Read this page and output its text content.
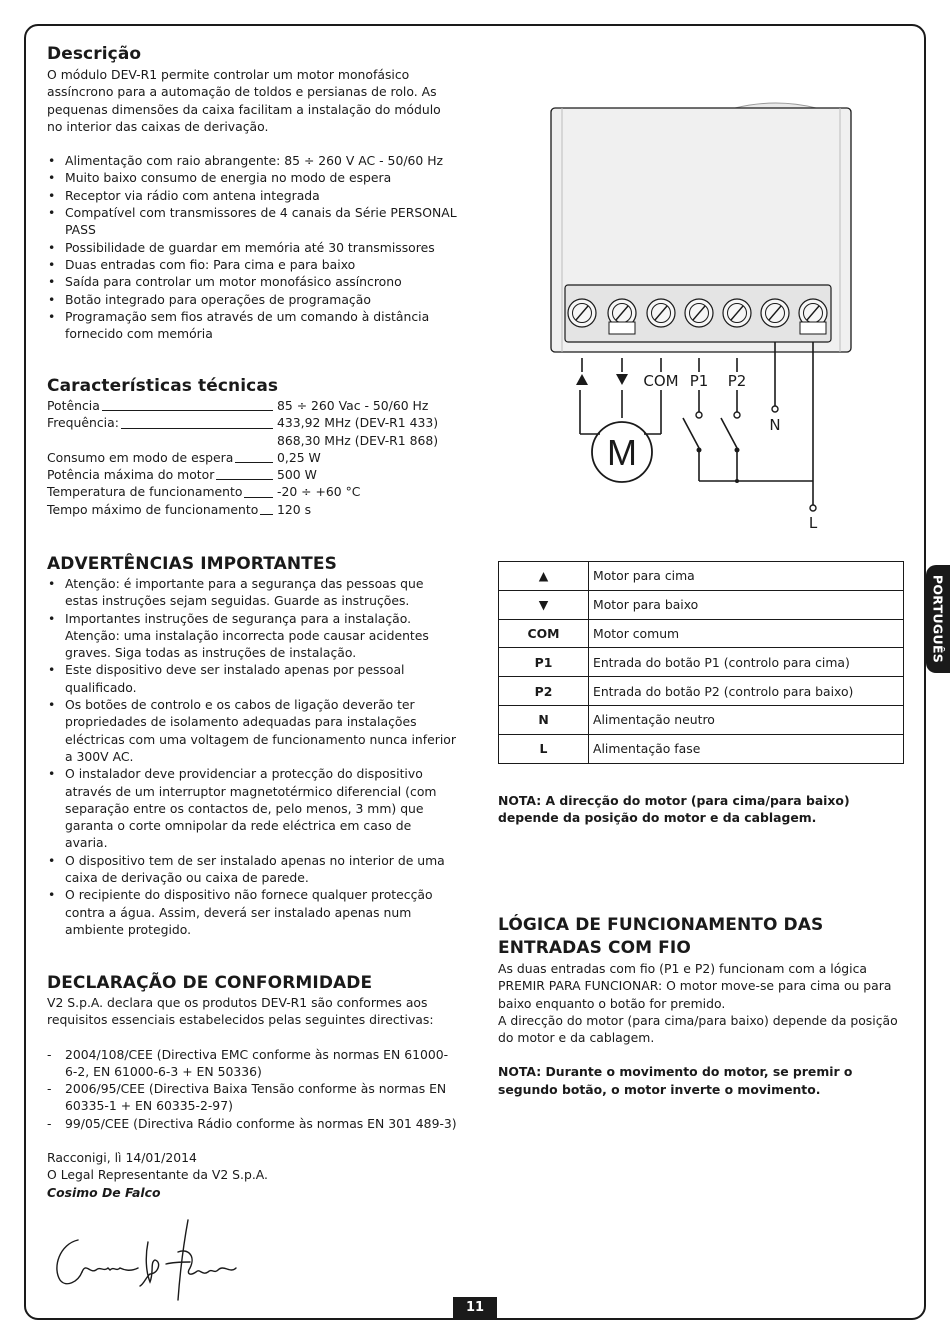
Descrição

O módulo DEV-R1 permite controlar um motor monofásico assíncrono para a automação de toldos e persianas de rolo. As pequenas dimensões da caixa facilitam a instalação do módulo no interior das caixas de derivação.

• Alimentação com raio abrangente: 85 ÷ 260 V AC - 50/60 Hz
• Muito baixo consumo de energia no modo de espera
• Receptor via rádio com antena integrada
• Compatível com transmissores de 4 canais da Série PERSONAL PASS
• Possibilidade de guardar em memória até 30 transmissores
• Duas entradas com fio: Para cima e para baixo
• Saída para controlar um motor monofásico assíncrono
• Botão integrado para operações de programação
• Programação sem fios através de um comando à distância fornecido com memória
Características técnicas
Potência	85 ÷ 260 Vac - 50/60 Hz
Frequência:	433,92 MHz (DEV-R1 433)
868,30 MHz (DEV-R1 868)
Consumo em modo de espera	0,25 W
Potência máxima do motor	500 W
Temperatura de funcionamento	-20 ÷ +60 °C
Tempo máximo de funcionamento 120 s
ADVERTÊNCIAS IMPORTANTES
• Atenção: é importante para a segurança das pessoas que estas instruções sejam seguidas. Guarde as instruções.
• Importantes instruções de segurança para a instalação. Atenção: uma instalação incorrecta pode causar acidentes graves. Siga todas as instruções de instalação.
• Este dispositivo deve ser instalado apenas por pessoal qualificado.
• Os botões de controlo e os cabos de ligação deverão ter propriedades de isolamento adequadas para instalações eléctricas com uma voltagem de funcionamento nunca inferior a 300V AC.
• O instalador deve providenciar a protecção do dispositivo através de um interruptor magnetotérmico diferencial (com separação entre os contactos de, pelo menos, 3 mm) que garanta o corte omnipolar da rede eléctrica em caso de avaria.
• O dispositivo tem de ser instalado apenas no interior de uma caixa de derivação ou caixa de parede.
• O recipiente do dispositivo não fornece qualquer protecção contra a água. Assim, deverá ser instalado apenas num ambiente protegido.
DECLARAÇÃO DE CONFORMIDADE

V2 S.p.A. declara que os produtos DEV-R1 são conformes aos requisitos essenciais estabelecidos pelas seguintes directivas:

- 2004/108/CEE (Directiva EMC conforme às normas EN 61000-6-2, EN 61000-6-3 + EN 50336)
- 2006/95/CEE (Directiva Baixa Tensão conforme às normas EN 60335-1 + EN 60335-2-97)
- 99/05/CEE (Directiva Rádio conforme às normas EN 301 489-3)

Racconigi, lì 14/01/2014

O Legal Representante da V2 S.p.A.

Cosimo De Falco

M
COM P1 P2
N
L
▲	Motor para cima
▼	Motor para baixo
COM	Motor comum
P1	Entrada do botão P1 (controlo para cima)
P2	Entrada do botão P2 (controlo para baixo)
N	Alimentação neutro
L	Alimentação fase

NOTA: A direcção do motor (para cima/para baixo) depende da posição do motor e da cablagem.

LÓGICA DE FUNCIONAMENTO DAS ENTRADAS COM FIO

As duas entradas com fio (P1 e P2) funcionam com a lógica PREMIR PARA FUNCIONAR: O motor move-se para cima ou para baixo enquanto o botão for premido.

A direcção do motor (para cima/para baixo) depende da posição do motor e da cablagem.

NOTA: Durante o movimento do motor, se premir o segundo botão, o motor inverte o movimento.

PORTUGUÊS
11
